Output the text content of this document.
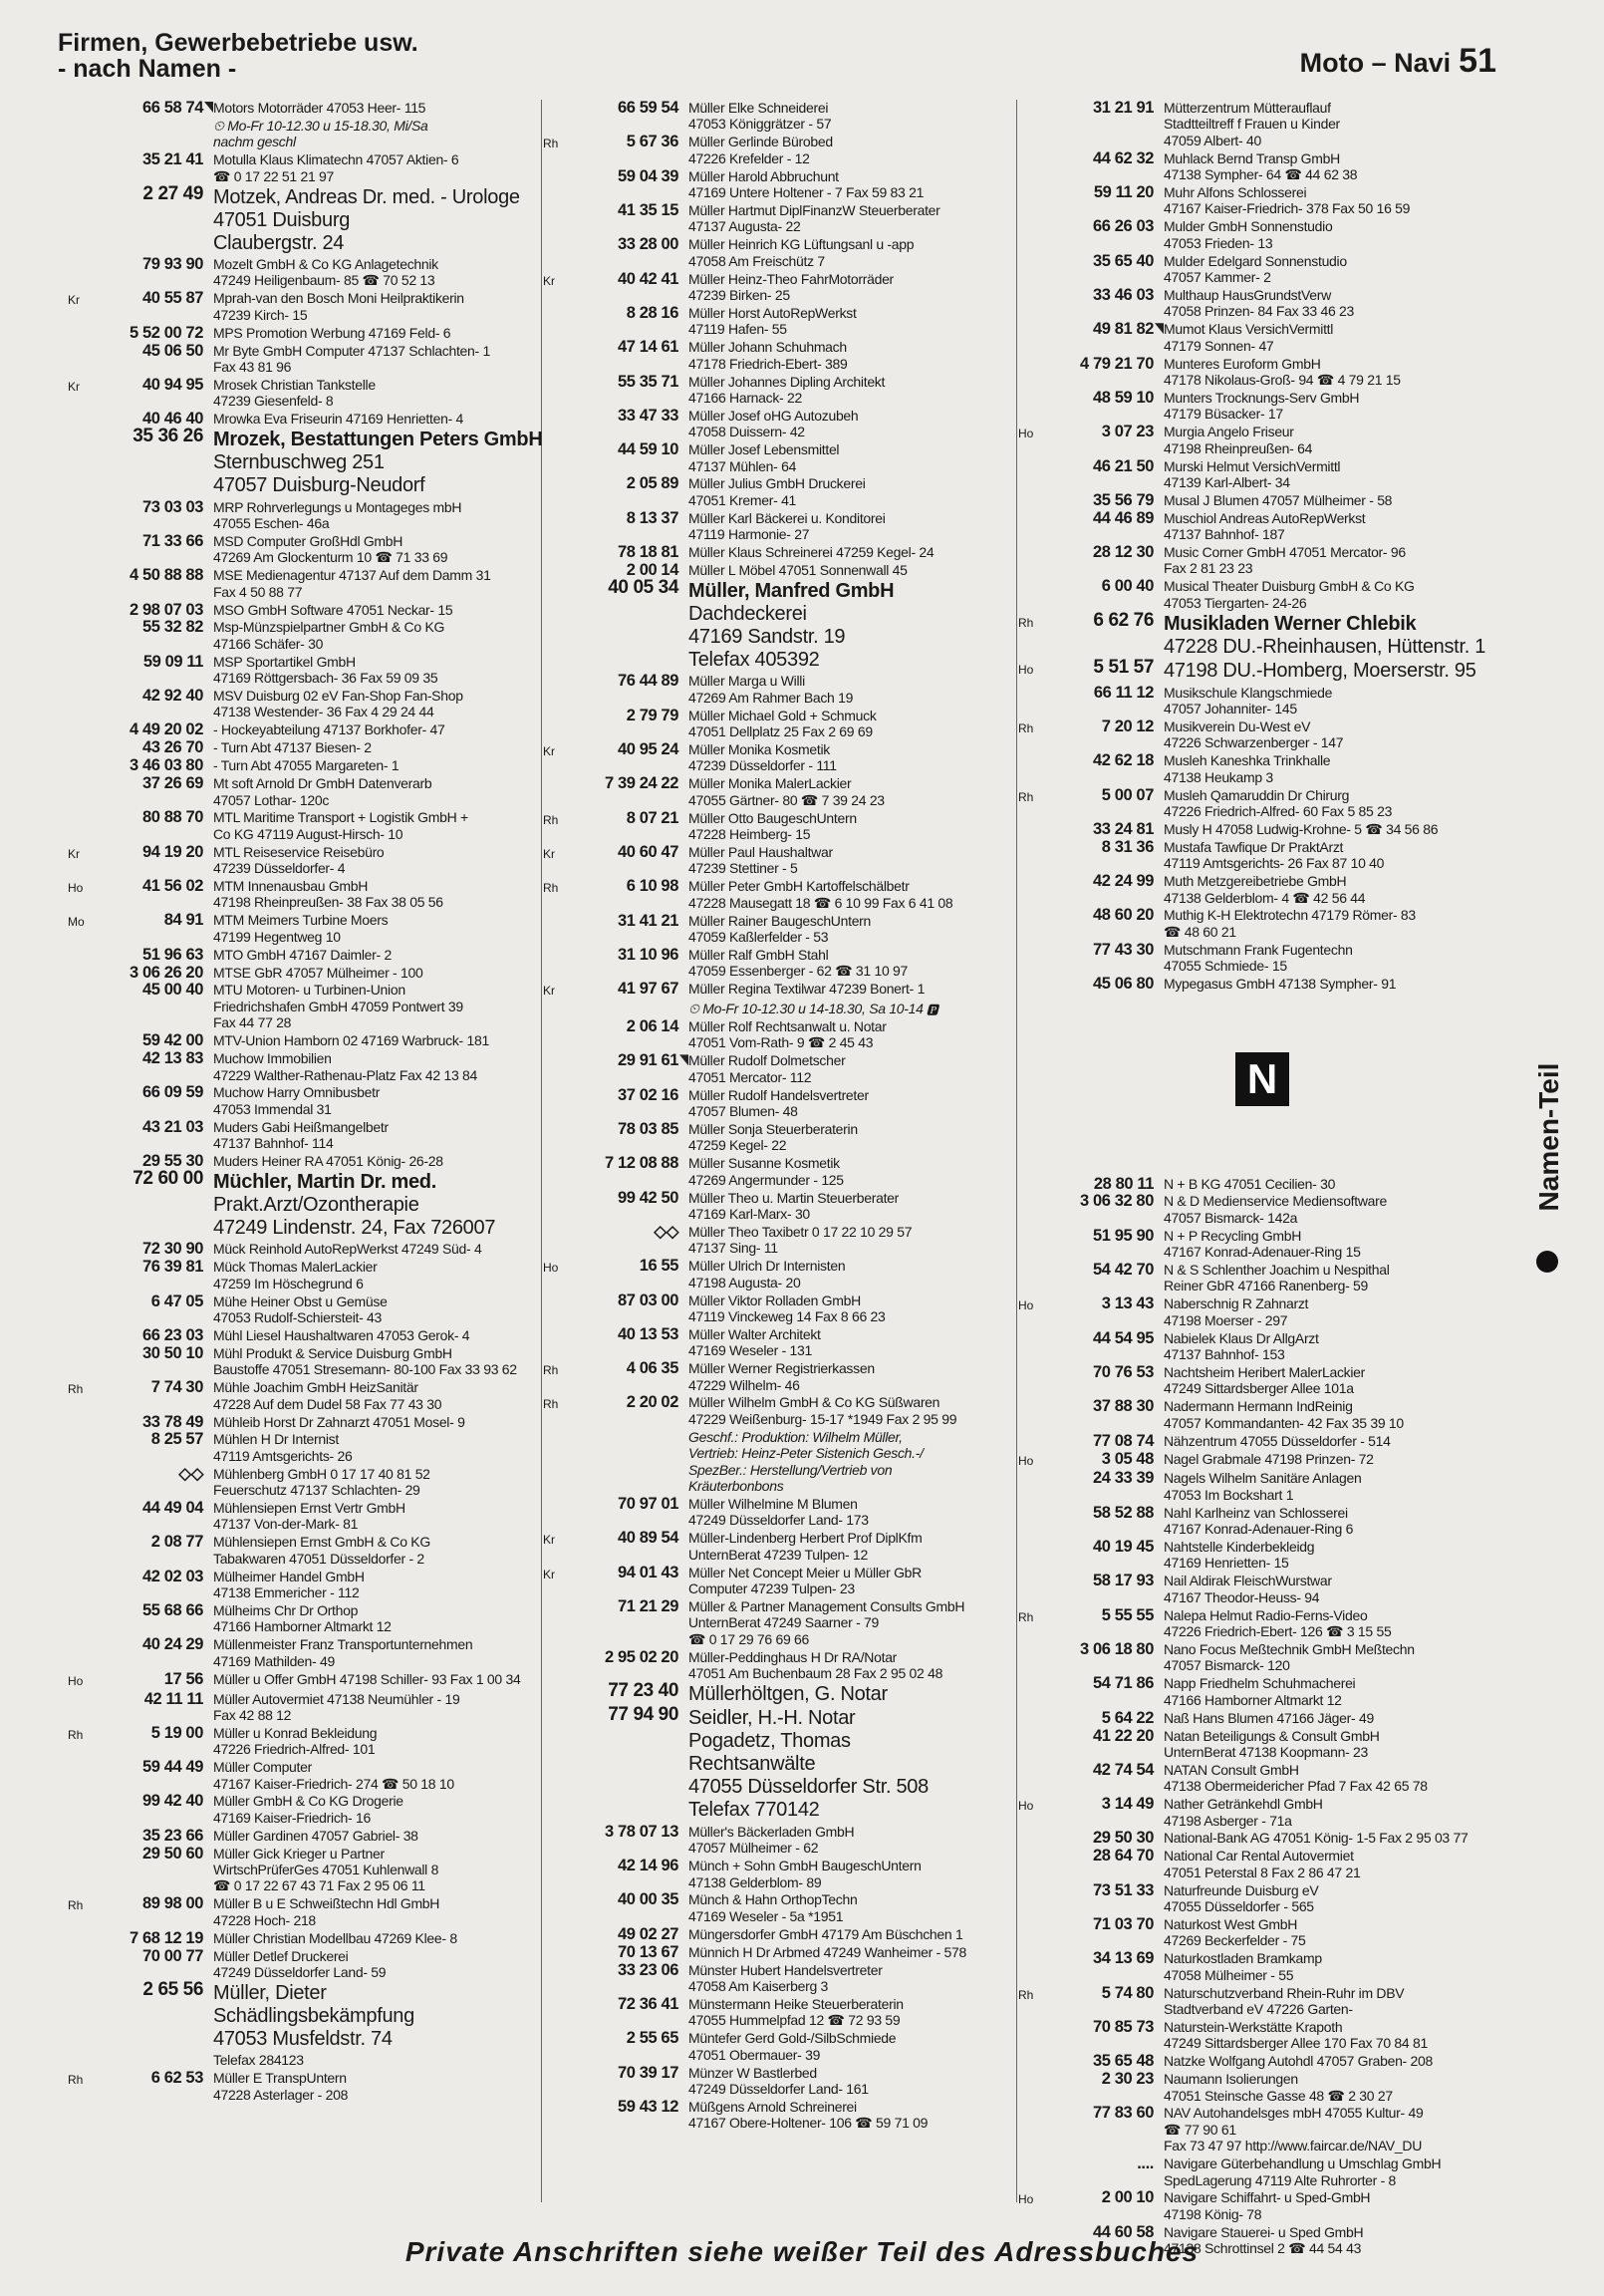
Firmen, Gewerbebetriebe usw.
- nach Namen -	Moto – Navi 51
66 58 74 Motors Motorräder 47053 Heer- 115
⏲ Mo-Fr 10-12.30 u 15-18.30, Mi/Sa
nachm geschl
35 21 41 Motulla Klaus Klimatechn 47057 Aktien- 6
☎ 0 17 22 51 21 97
2 27 49 Motzek, Andreas Dr. med. - Urologe
47051 Duisburg
Claubergstr. 24
79 93 90 Mozelt GmbH & Co KG Anlagetechnik
47249 Heiligenbaum- 85 ☎ 70 52 13
Kr	40 55 87 Mprah-van den Bosch Moni Heilpraktikerin
47239 Kirch- 15
5 52 00 72 MPS Promotion Werbung 47169 Feld- 6
45 06 50 Mr Byte GmbH Computer 47137 Schlachten- 1
Fax 43 81 96
Kr	40 94 95 Mrosek Christian Tankstelle
47239 Giesenfeld- 8
40 46 40 Mrowka Eva Friseurin 47169 Henrietten- 4
35 36 26 Mrozek, Bestattungen Peters GmbH
Sternbuschweg 251
47057 Duisburg-Neudorf
73 03 03 MRP Rohrverlegungs u Montageges mbH
47055 Eschen- 46a
71 33 66 MSD Computer GroßHdl GmbH
47269 Am Glockenturm 10 ☎ 71 33 69
4 50 88 88 MSE Medienagentur 47137 Auf dem Damm 31
Fax 4 50 88 77
2 98 07 03 MSO GmbH Software 47051 Neckar- 15
55 32 82 Msp-Münzspielpartner GmbH & Co KG
47166 Schäfer- 30
59 09 11 MSP Sportartikel GmbH
47169 Röttgersbach- 36 Fax 59 09 35
42 92 40 MSV Duisburg 02 eV Fan-Shop Fan-Shop
47138 Westender- 36 Fax 4 29 24 44
4 49 20 02 - Hockeyabteilung 47137 Borkhofer- 47
43 26 70 - Turn Abt 47137 Biesen- 2
3 46 03 80 - Turn Abt 47055 Margareten- 1
37 26 69 Mt soft Arnold Dr GmbH Datenverarb
47057 Lothar- 120c
80 88 70 MTL Maritime Transport + Logistik GmbH +
Co KG 47119 August-Hirsch- 10
Kr	94 19 20 MTL Reiseservice Reisebüro
47239 Düsseldorfer- 4
Ho	41 56 02 MTM Innenausbau GmbH
47198 Rheinpreußen- 38 Fax 38 05 56
Mo	84 91 MTM Meimers Turbine Moers
47199 Hegentweg 10
51 96 63 MTO GmbH 47167 Daimler- 2
3 06 26 20 MTSE GbR 47057 Mülheimer - 100
45 00 40 MTU Motoren- u Turbinen-Union
Friedrichshafen GmbH 47059 Pontwert 39
Fax 44 77 28
59 42 00 MTV-Union Hamborn 02 47169 Warbruck- 181
42 13 83 Muchow Immobilien
47229 Walther-Rathenau-Platz Fax 42 13 84
66 09 59 Muchow Harry Omnibusbetr
47053 Immendal 31
43 21 03 Muders Gabi Heißmangelbetr
47137 Bahnhof- 114
29 55 30 Muders Heiner RA 47051 König- 26-28
72 60 00 Müchler, Martin Dr. med.
Prakt.Arzt/Ozontherapie
47249 Lindenstr. 24, Fax 726007
72 30 90 Mück Reinhold AutoRepWerkst 47249 Süd- 4
76 39 81 Mück Thomas MalerLackier
47259 Im Höschegrund 6
6 47 05 Mühe Heiner Obst u Gemüse
47053 Rudolf-Schiersteit- 43
66 23 03 Mühl Liesel Haushaltwaren 47053 Gerok- 4
30 50 10 Mühl Produkt & Service Duisburg GmbH
Baustoffe 47051 Stresemann- 80-100 Fax 33 93 62
Rh	7 74 30 Mühle Joachim GmbH HeizSanitär
47228 Auf dem Dudel 58 Fax 77 43 30
33 78 49 Mühleib Horst Dr Zahnarzt 47051 Mosel- 9
8 25 57 Mühlen H Dr Internist
47119 Amtsgerichts- 26
◇◇ Mühlenberg GmbH 0 17 17 40 81 52
Feuerschutz 47137 Schlachten- 29
44 49 04 Mühlensiepen Ernst Vertr GmbH
47137 Von-der-Mark- 81
2 08 77 Mühlensiepen Ernst GmbH & Co KG
Tabakwaren 47051 Düsseldorfer - 2
42 02 03 Mülheimer Handel GmbH
47138 Emmericher - 112
55 68 66 Mülheims Chr Dr Orthop
47166 Hamborner Altmarkt 12
40 24 29 Müllenmeister Franz Transportunternehmen
47169 Mathilden- 49
Ho	17 56 Müller u Offer GmbH 47198 Schiller- 93 Fax 1 00 34
42 11 11 Müller Autovermiet 47138 Neumühler - 19
Fax 42 88 12
Rh	5 19 00 Müller u Konrad Bekleidung
47226 Friedrich-Alfred- 101
59 44 49 Müller Computer
47167 Kaiser-Friedrich- 274 ☎ 50 18 10
99 42 40 Müller GmbH & Co KG Drogerie
47169 Kaiser-Friedrich- 16
35 23 66 Müller Gardinen 47057 Gabriel- 38
29 50 60 Müller Gick Krieger u Partner
WirtschPrüferGes 47051 Kuhlenwall 8
☎ 0 17 22 67 43 71 Fax 2 95 06 11
Rh	89 98 00 Müller B u E Schweißtechn Hdl GmbH
47228 Hoch- 218
7 68 12 19 Müller Christian Modellbau 47269 Klee- 8
70 00 77 Müller Detlef Druckerei
47249 Düsseldorfer Land- 59
2 65 56 Müller, Dieter
Schädlingsbekämpfung
47053 Musfeldstr. 74
Telefax 284123
Rh	6 62 53 Müller E TranspUntern
47228 Asterlager - 208
66 59 54 Müller Elke Schneiderei
47053 Königgrätzer - 57
Rh	5 67 36 Müller Gerlinde Bürobed
47226 Krefelder - 12
59 04 39 Müller Harold Abbruchunt
47169 Untere Holtener - 7 Fax 59 83 21
41 35 15 Müller Hartmut DiplFinanzW Steuerberater
47137 Augusta- 22
33 28 00 Müller Heinrich KG Lüftungsanl u -app
47058 Am Freischütz 7
Kr	40 42 41 Müller Heinz-Theo FahrMotorräder
47239 Birken- 25
8 28 16 Müller Horst AutoRepWerkst
47119 Hafen- 55
47 14 61 Müller Johann Schuhmach
47178 Friedrich-Ebert- 389
55 35 71 Müller Johannes Dipling Architekt
47166 Harnack- 22
33 47 33 Müller Josef oHG Autozubeh
47058 Duissern- 42
44 59 10 Müller Josef Lebensmittel
47137 Mühlen- 64
2 05 89 Müller Julius GmbH Druckerei
47051 Kremer- 41
8 13 37 Müller Karl Bäckerei u. Konditorei
47119 Harmonie- 27
78 18 81 Müller Klaus Schreinerei 47259 Kegel- 24
2 00 14 Müller L Möbel 47051 Sonnenwall 45
40 05 34 Müller, Manfred GmbH
Dachdeckerei
47169 Sandstr. 19
Telefax 405392
76 44 89 Müller Marga u Willi
47269 Am Rahmer Bach 19
2 79 79 Müller Michael Gold + Schmuck
47051 Dellplatz 25 Fax 2 69 69
Kr	40 95 24 Müller Monika Kosmetik
47239 Düsseldorfer - 111
7 39 24 22 Müller Monika MalerLackier
47055 Gärtner- 80 ☎ 7 39 24 23
Rh	8 07 21 Müller Otto BaugeschUntern
47228 Heimberg- 15
Kr	40 60 47 Müller Paul Haushaltwar
47239 Stettiner - 5
Rh	6 10 98 Müller Peter GmbH Kartoffelschälbetr
47228 Mausegatt 18 ☎ 6 10 99 Fax 6 41 08
31 41 21 Müller Rainer BaugeschUntern
47059 Kaßlerfelder - 53
31 10 96 Müller Ralf GmbH Stahl
47059 Essenberger - 62 ☎ 31 10 97
Kr	41 97 67 Müller Regina Textilwar 47239 Bonert- 1
⏲ Mo-Fr 10-12.30 u 14-18.30, Sa 10-14 🅿
2 06 14 Müller Rolf Rechtsanwalt u. Notar
47051 Vom-Rath- 9 ☎ 2 45 43
29 91 61 Müller Rudolf Dolmetscher
47051 Mercator- 112
37 02 16 Müller Rudolf Handelsvertreter
47057 Blumen- 48
78 03 85 Müller Sonja Steuerberaterin
47259 Kegel- 22
7 12 08 88 Müller Susanne Kosmetik
47269 Angermunder - 125
99 42 50 Müller Theo u. Martin Steuerberater
47169 Karl-Marx- 30
◇◇ Müller Theo Taxibetr 0 17 22 10 29 57
47137 Sing- 11
Ho	16 55 Müller Ulrich Dr Internisten
47198 Augusta- 20
87 03 00 Müller Viktor Rolladen GmbH
47119 Vinckeweg 14 Fax 8 66 23
40 13 53 Müller Walter Architekt
47169 Weseler - 131
Rh	4 06 35 Müller Werner Registrierkassen
47229 Wilhelm- 46
Rh	2 20 02 Müller Wilhelm GmbH & Co KG Süßwaren
47229 Weißenburg- 15-17 *1949 Fax 2 95 99
Geschf.: Produktion: Wilhelm Müller,
Vertrieb: Heinz-Peter Sistenich Gesch.-/
SpezBer.: Herstellung/Vertrieb von
Kräuterbonbons
70 97 01 Müller Wilhelmine M Blumen
47249 Düsseldorfer Land- 173
Kr	40 89 54 Müller-Lindenberg Herbert Prof DiplKfm
UnternBerat 47239 Tulpen- 12
Kr	94 01 43 Müller Net Concept Meier u Müller GbR
Computer 47239 Tulpen- 23
71 21 29 Müller & Partner Management Consults GmbH
UnternBerat 47249 Saarner - 79
☎ 0 17 29 76 69 66
2 95 02 20 Müller-Peddinghaus H Dr RA/Notar
47051 Am Buchenbaum 28 Fax 2 95 02 48
77 23 40 Müllerhöltgen, G. Notar
77 94 90 Seidler, H.-H. Notar
Pogadetz, Thomas
Rechtsanwälte
47055 Düsseldorfer Str. 508
Telefax 770142
3 78 07 13 Müller's Bäckerladen GmbH
47057 Mülheimer - 62
42 14 96 Münch + Sohn GmbH BaugeschUntern
47138 Gelderblom- 89
40 00 35 Münch & Hahn OrthopTechn
47169 Weseler - 5a *1951
49 02 27 Müngersdorfer GmbH 47179 Am Büschchen 1
70 13 67 Münnich H Dr Arbmed 47249 Wanheimer - 578
33 23 06 Münster Hubert Handelsvertreter
47058 Am Kaiserberg 3
72 36 41 Münstermann Heike Steuerberaterin
47055 Hummelpfad 12 ☎ 72 93 59
2 55 65 Müntefer Gerd Gold-/SilbSchmiede
47051 Obermauer- 39
70 39 17 Münzer W Bastlerbed
47249 Düsseldorfer Land- 161
59 43 12 Müßgens Arnold Schreinerei
47167 Obere-Holtener- 106 ☎ 59 71 09
31 21 91 Mütterzentrum Mütterauflauf
Stadtteiltreff f Frauen u Kinder
47059 Albert- 40
44 62 32 Muhlack Bernd Transp GmbH
47138 Sympher- 64 ☎ 44 62 38
59 11 20 Muhr Alfons Schlosserei
47167 Kaiser-Friedrich- 378 Fax 50 16 59
66 26 03 Mulder GmbH Sonnenstudio
47053 Frieden- 13
35 65 40 Mulder Edelgard Sonnenstudio
47057 Kammer- 2
33 46 03 Multhaup HausGrundstVerw
47058 Prinzen- 84 Fax 33 46 23
49 81 82 Mumot Klaus VersichVermittl
47179 Sonnen- 47
4 79 21 70 Munteres Euroform GmbH
47178 Nikolaus-Groß- 94 ☎ 4 79 21 15
48 59 10 Munters Trocknungs-Serv GmbH
47179 Büsacker- 17
Ho	3 07 23 Murgia Angelo Friseur
47198 Rheinpreußen- 64
46 21 50 Murski Helmut VersichVermittl
47139 Karl-Albert- 34
35 56 79 Musal J Blumen 47057 Mülheimer - 58
44 46 89 Muschiol Andreas AutoRepWerkst
47137 Bahnhof- 187
28 12 30 Music Corner GmbH 47051 Mercator- 96
Fax 2 81 23 23
6 00 40 Musical Theater Duisburg GmbH & Co KG
47053 Tiergarten- 24-26
Rh	6 62 76 Musikladen Werner Chlebik
47228 DU.-Rheinhausen, Hüttenstr. 1
Ho	5 51 57 47198 DU.-Homberg, Moerserstr. 95
66 11 12 Musikschule Klangschmiede
47057 Johanniter- 145
Rh	7 20 12 Musikverein Du-West eV
47226 Schwarzenberger - 147
42 62 18 Musleh Kaneshka Trinkhalle
47138 Heukamp 3
Rh	5 00 07 Musleh Qamaruddin Dr Chirurg
47226 Friedrich-Alfred- 60 Fax 5 85 23
33 24 81 Musly H 47058 Ludwig-Krohne- 5 ☎ 34 56 86
8 31 36 Mustafa Tawfique Dr PraktArzt
47119 Amtsgerichts- 26 Fax 87 10 40
42 24 99 Muth Metzgereibetriebe GmbH
47138 Gelderblom- 4 ☎ 42 56 44
48 60 20 Muthig K-H Elektrotechn 47179 Römer- 83
☎ 48 60 21
77 43 30 Mutschmann Frank Fugentechn
47055 Schmiede- 15
45 06 80 Mypegasus GmbH 47138 Sympher- 91
N
28 80 11 N + B KG 47051 Cecilien- 30
3 06 32 80 N & D Medienservice Mediensoftware
47057 Bismarck- 142a
51 95 90 N + P Recycling GmbH
47167 Konrad-Adenauer-Ring 15
54 42 70 N & S Schlenther Joachim u Nespithal
Reiner GbR 47166 Ranenberg- 59
Ho	3 13 43 Naberschnig R Zahnarzt
47198 Moerser - 297
44 54 95 Nabielek Klaus Dr AllgArzt
47137 Bahnhof- 153
70 76 53 Nachtsheim Heribert MalerLackier
47249 Sittardsberger Allee 101a
37 88 30 Nadermann Hermann IndReinig
47057 Kommandanten- 42 Fax 35 39 10
77 08 74 Nähzentrum 47055 Düsseldorfer - 514
Ho	3 05 48 Nagel Grabmale 47198 Prinzen- 72
24 33 39 Nagels Wilhelm Sanitäre Anlagen
47053 Im Bockshart 1
58 52 88 Nahl Karlheinz van Schlosserei
47167 Konrad-Adenauer-Ring 6
40 19 45 Nahtstelle Kinderbekleidg
47169 Henrietten- 15
58 17 93 Nail Aldirak FleischWurstwar
47167 Theodor-Heuss- 94
Rh	5 55 55 Nalepa Helmut Radio-Ferns-Video
47226 Friedrich-Ebert- 126 ☎ 3 15 55
3 06 18 80 Nano Focus Meßtechnik GmbH Meßtechn
47057 Bismarck- 120
54 71 86 Napp Friedhelm Schuhmacherei
47166 Hamborner Altmarkt 12
5 64 22 Naß Hans Blumen 47166 Jäger- 49
41 22 20 Natan Beteiligungs & Consult GmbH
UnternBerat 47138 Koopmann- 23
42 74 54 NATAN Consult GmbH
47138 Obermeidericher Pfad 7 Fax 42 65 78
Ho	3 14 49 Nather Getränkehdl GmbH
47198 Asberger - 71a
29 50 30 National-Bank AG 47051 König- 1-5 Fax 2 95 03 77
28 64 70 National Car Rental Autovermiet
47051 Peterstal 8 Fax 2 86 47 21
73 51 33 Naturfreunde Duisburg eV
47055 Düsseldorfer - 565
71 03 70 Naturkost West GmbH
47269 Beckerfelder - 75
34 13 69 Naturkostladen Bramkamp
47058 Mülheimer - 55
Rh	5 74 80 Naturschutzverband Rhein-Ruhr im DBV
Stadtverband eV 47226 Garten-
70 85 73 Naturstein-Werkstätte Krapoth
47249 Sittardsberger Allee 170 Fax 70 84 81
35 65 48 Natzke Wolfgang Autohdl 47057 Graben- 208
2 30 23 Naumann Isolierungen
47051 Steinsche Gasse 48 ☎ 2 30 27
77 83 60 NAV Autohandelsges mbH 47055 Kultur- 49
☎ 77 90 61
Fax 73 47 97 http://www.faircar.de/NAV_DU
.... Navigare Güterbehandlung u Umschlag GmbH
SpedLagerung 47119 Alte Ruhrorter - 8
Ho	2 00 10 Navigare Schiffahrt- u Sped-GmbH
47198 König- 78
44 60 58 Navigare Stauerei- u Sped GmbH
47138 Schrottinsel 2 ☎ 44 54 43
Namen-Teil
Private Anschriften siehe weißer Teil des Adressbuches
